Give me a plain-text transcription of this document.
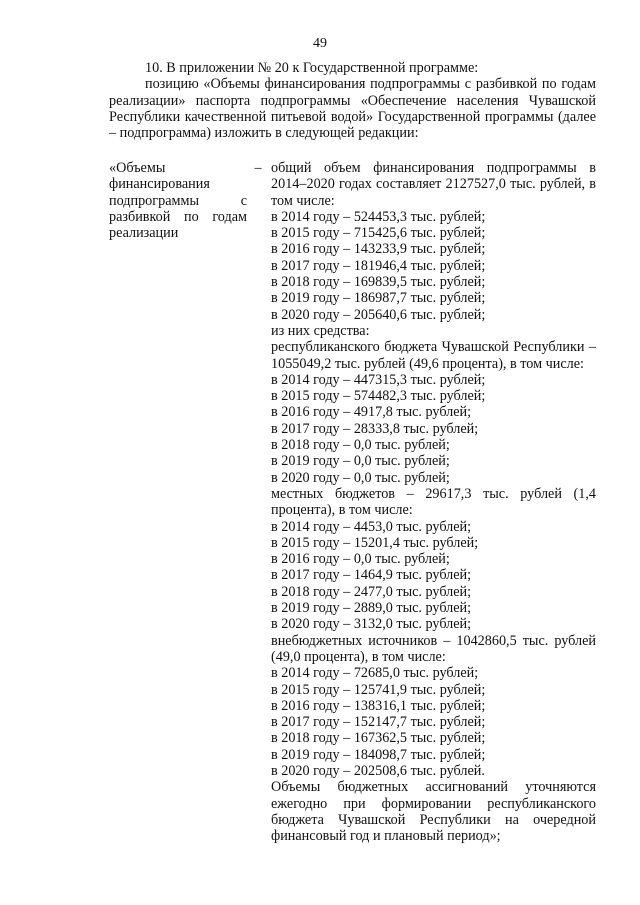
49
10. В приложении № 20 к Государственной программе:
позицию «Объемы финансирования подпрограммы с разбивкой по годам реализации» паспорта подпрограммы «Обеспечение населения Чувашской Республики качественной питьевой водой» Государственной программы (далее – подпрограмма) изложить в следующей редакции:
«Объемы финансирования подпрограммы с разбивкой по годам реализации
– общий объем финансирования подпрограммы в 2014–2020 годах составляет 2127527,0 тыс. рублей, в том числе:
в 2014 году – 524453,3 тыс. рублей;
в 2015 году – 715425,6 тыс. рублей;
в 2016 году – 143233,9 тыс. рублей;
в 2017 году – 181946,4 тыс. рублей;
в 2018 году – 169839,5 тыс. рублей;
в 2019 году – 186987,7 тыс. рублей;
в 2020 году – 205640,6 тыс. рублей;
из них средства:
республиканского бюджета Чувашской Республики – 1055049,2 тыс. рублей (49,6 процента), в том числе:
в 2014 году – 447315,3 тыс. рублей;
в 2015 году – 574482,3 тыс. рублей;
в 2016 году – 4917,8 тыс. рублей;
в 2017 году – 28333,8 тыс. рублей;
в 2018 году – 0,0 тыс. рублей;
в 2019 году – 0,0 тыс. рублей;
в 2020 году – 0,0 тыс. рублей;
местных бюджетов – 29617,3 тыс. рублей (1,4 процента), в том числе:
в 2014 году – 4453,0 тыс. рублей;
в 2015 году – 15201,4 тыс. рублей;
в 2016 году – 0,0 тыс. рублей;
в 2017 году – 1464,9 тыс. рублей;
в 2018 году – 2477,0 тыс. рублей;
в 2019 году – 2889,0 тыс. рублей;
в 2020 году – 3132,0 тыс. рублей;
внебюджетных источников – 1042860,5 тыс. рублей (49,0 процента), в том числе:
в 2014 году – 72685,0 тыс. рублей;
в 2015 году – 125741,9 тыс. рублей;
в 2016 году – 138316,1 тыс. рублей;
в 2017 году – 152147,7 тыс. рублей;
в 2018 году – 167362,5 тыс. рублей;
в 2019 году – 184098,7 тыс. рублей;
в 2020 году – 202508,6 тыс. рублей.
Объемы бюджетных ассигнований уточняются ежегодно при формировании республиканского бюджета Чувашской Республики на очередной финансовый год и плановый период»;
